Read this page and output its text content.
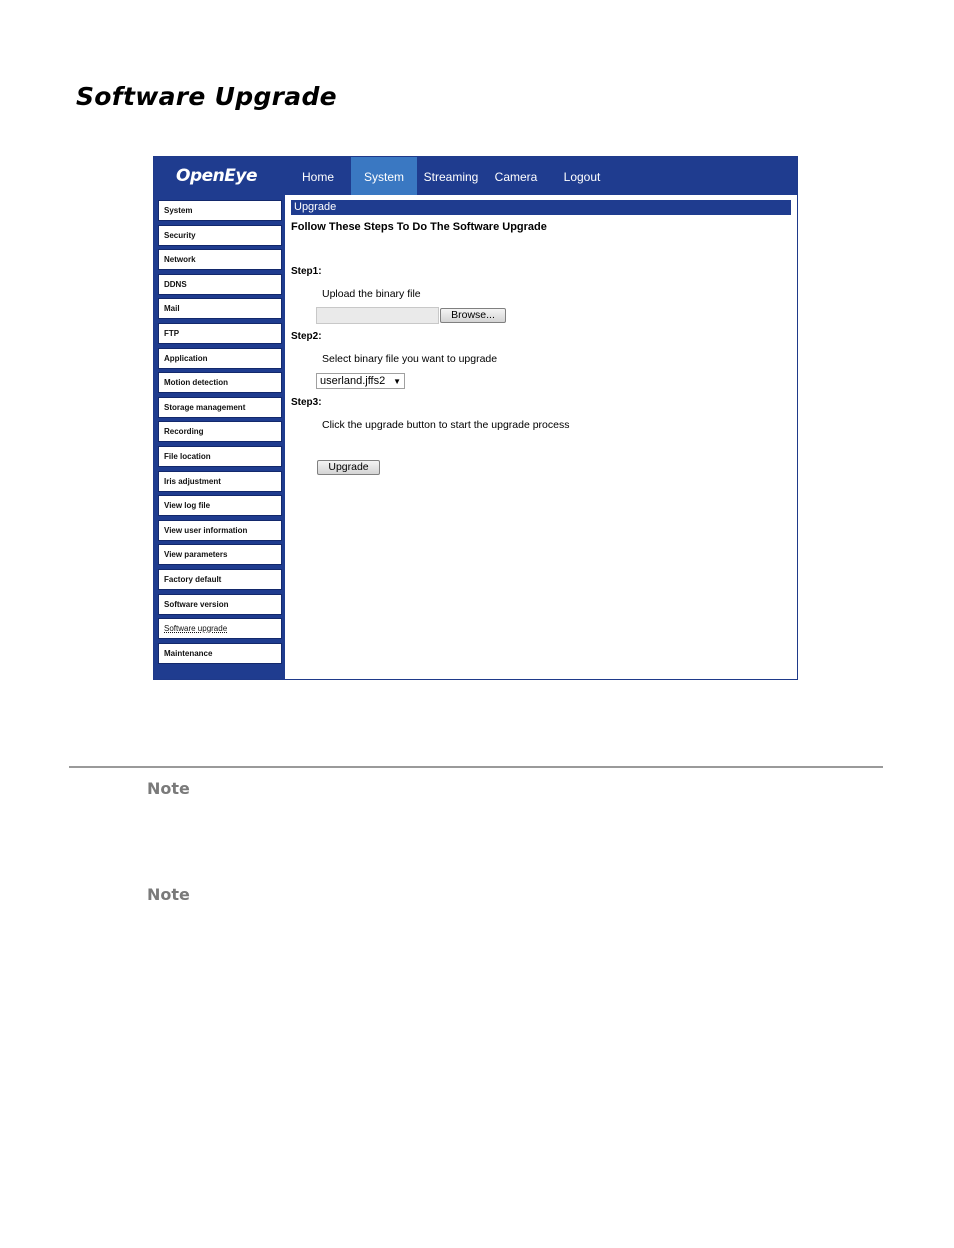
Software Upgrade
OpenEye
System
Security
Network
DDNS
Mail
FTP
Application
Motion detection
Storage management
Recording
File location
Iris adjustment
View log file
View user information
View parameters
Factory default
Software version
Software upgrade
Maintenance
Home	System	Streaming	Camera	Logout
Upgrade
Follow These Steps To Do The Software Upgrade
Step1:
Upload the binary file
Browse...
Step2:
Select binary file you want to upgrade
userland.jffs2 ▼
Step3:
Click the upgrade button to start the upgrade process
Upgrade
Note
Note
